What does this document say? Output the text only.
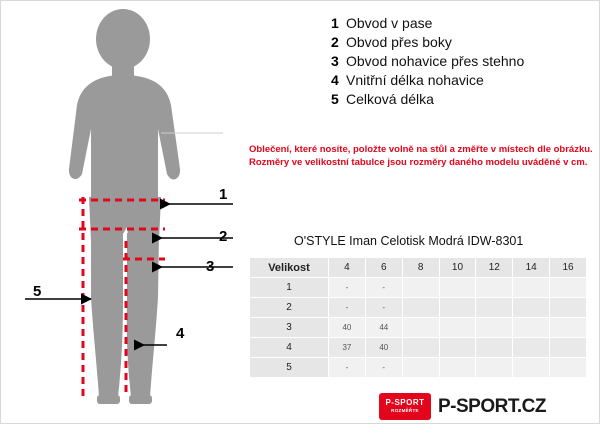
1
2
3
4
5
1 Obvod v pase
2 Obvod přes boky
3 Obvod nohavice přes stehno
4 Vnitřní délka nohavice
5 Celková délka
Oblečení, které nosíte, položte volně na stůl a změřte v místech dle obrázku.
Rozměry ve velikostní tabulce jsou rozměry daného modelu uváděné v cm.
O'STYLE Iman Celotisk Modrá IDW-8301
Velikost	4	6	8	10	12	14	16
1	-	-					
2	-	-					
3	40	44					
4	37	40					
5	-	-					
P-SPORT
ROZMĚŘTE P-SPORT.CZ
